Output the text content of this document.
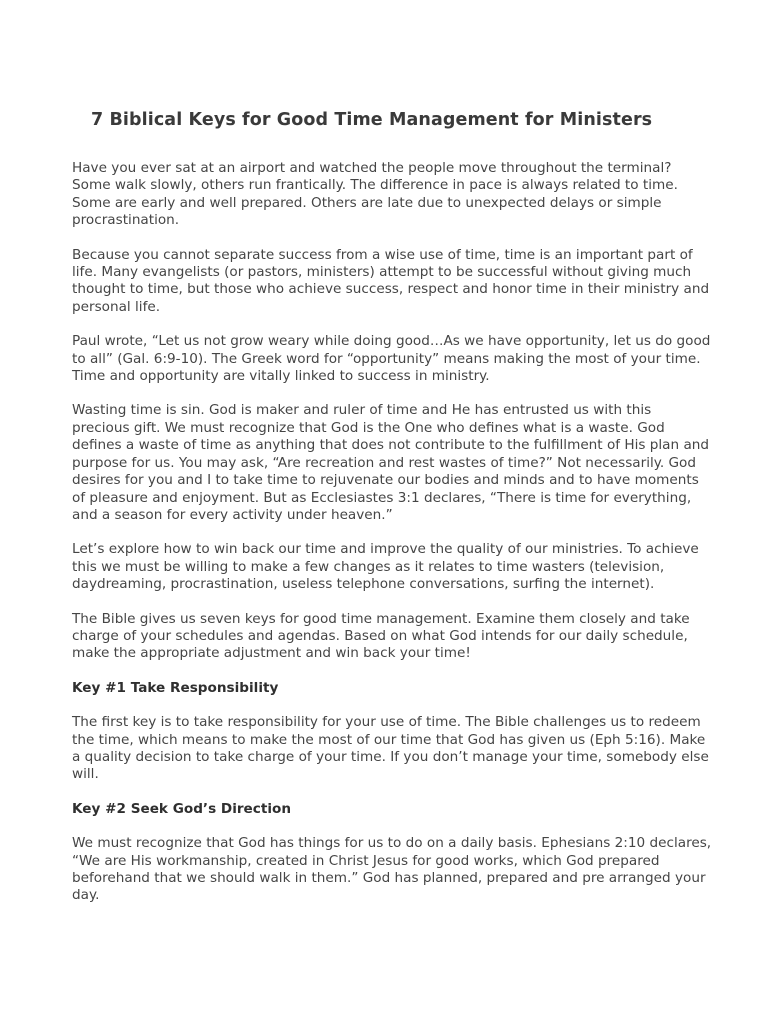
7 Biblical Keys for Good Time Management for Ministers

Have you ever sat at an airport and watched the people move throughout the terminal? Some walk slowly, others run frantically. The difference in pace is always related to time. Some are early and well prepared. Others are late due to unexpected delays or simple procrastination.

Because you cannot separate success from a wise use of time, time is an important part of life. Many evangelists (or pastors, ministers) attempt to be successful without giving much thought to time, but those who achieve success, respect and honor time in their ministry and personal life.

Paul wrote, “Let us not grow weary while doing good…As we have opportunity, let us do good to all” (Gal. 6:9-10). The Greek word for “opportunity” means making the most of your time. Time and opportunity are vitally linked to success in ministry.

Wasting time is sin. God is maker and ruler of time and He has entrusted us with this precious gift. We must recognize that God is the One who defines what is a waste. God defines a waste of time as anything that does not contribute to the fulfillment of His plan and purpose for us. You may ask, “Are recreation and rest wastes of time?” Not necessarily. God desires for you and I to take time to rejuvenate our bodies and minds and to have moments of pleasure and enjoyment. But as Ecclesiastes 3:1 declares, “There is time for everything, and a season for every activity under heaven.”

Let’s explore how to win back our time and improve the quality of our ministries. To achieve this we must be willing to make a few changes as it relates to time wasters (television, daydreaming, procrastination, useless telephone conversations, surfing the internet).

The Bible gives us seven keys for good time management. Examine them closely and take charge of your schedules and agendas. Based on what God intends for our daily schedule, make the appropriate adjustment and win back your time!

Key #1 Take Responsibility

The first key is to take responsibility for your use of time. The Bible challenges us to redeem the time, which means to make the most of our time that God has given us (Eph 5:16). Make a quality decision to take charge of your time. If you don’t manage your time, somebody else will.

Key #2 Seek God’s Direction

We must recognize that God has things for us to do on a daily basis. Ephesians 2:10 declares, “We are His workmanship, created in Christ Jesus for good works, which God prepared beforehand that we should walk in them.” God has planned, prepared and pre arranged your day.
